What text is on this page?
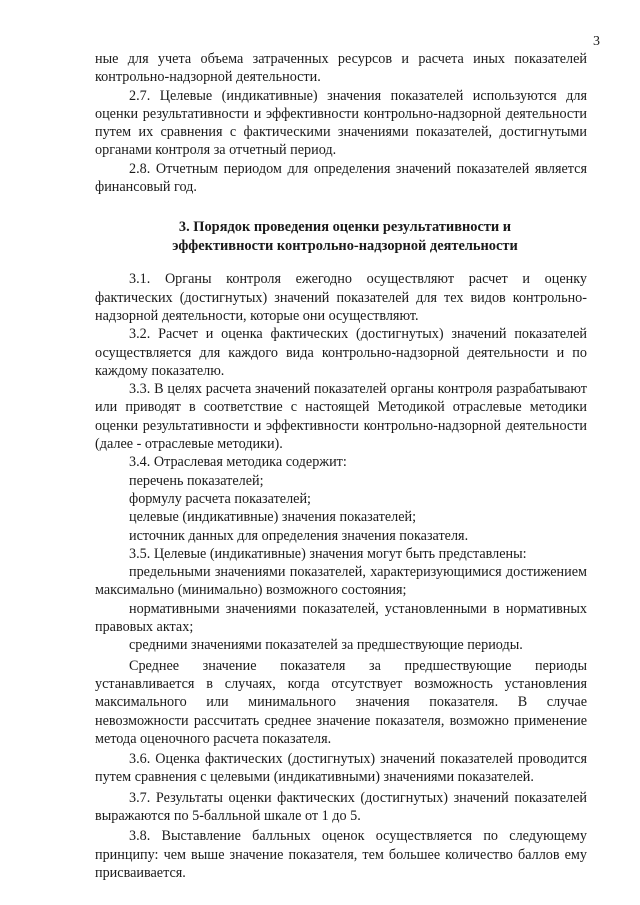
3

ные для учета объема затраченных ресурсов и расчета иных показателей контрольно-надзорной деятельности.

2.7. Целевые (индикативные) значения показателей используются для оценки результативности и эффективности контрольно-надзорной деятельности путем их сравнения с фактическими значениями показателей, достигнутыми органами контроля за отчетный период.

2.8. Отчетным периодом для определения значений показателей является финансовый год.

3. Порядок проведения оценки результативности и
эффективности контрольно-надзорной деятельности

3.1. Органы контроля ежегодно осуществляют расчет и оценку фактических (достигнутых) значений показателей для тех видов контрольно-надзорной деятельности, которые они осуществляют.

3.2. Расчет и оценка фактических (достигнутых) значений показателей осуществляется для каждого вида контрольно-надзорной деятельности и по каждому показателю.

3.3. В целях расчета значений показателей органы контроля разрабатывают или приводят в соответствие с настоящей Методикой отраслевые методики оценки результативности и эффективности контрольно-надзорной деятельности (далее - отраслевые методики).

3.4. Отраслевая методика содержит:

перечень показателей;

формулу расчета показателей;

целевые (индикативные) значения показателей;

источник данных для определения значения показателя.

3.5. Целевые (индикативные) значения могут быть представлены:

предельными значениями показателей, характеризующимися достижением максимально (минимально) возможного состояния;

нормативными значениями показателей, установленными в нормативных правовых актах;

средними значениями показателей за предшествующие периоды.

Среднее значение показателя за предшествующие периоды устанавливается в случаях, когда отсутствует возможность установления максимального или минимального значения показателя. В случае невозможности рассчитать среднее значение показателя, возможно применение метода оценочного расчета показателя.

3.6. Оценка фактических (достигнутых) значений показателей проводится путем сравнения с целевыми (индикативными) значениями показателей.

3.7. Результаты оценки фактических (достигнутых) значений показателей выражаются по 5-балльной шкале от 1 до 5.

3.8. Выставление балльных оценок осуществляется по следующему принципу: чем выше значение показателя, тем большее количество баллов ему присваивается.
